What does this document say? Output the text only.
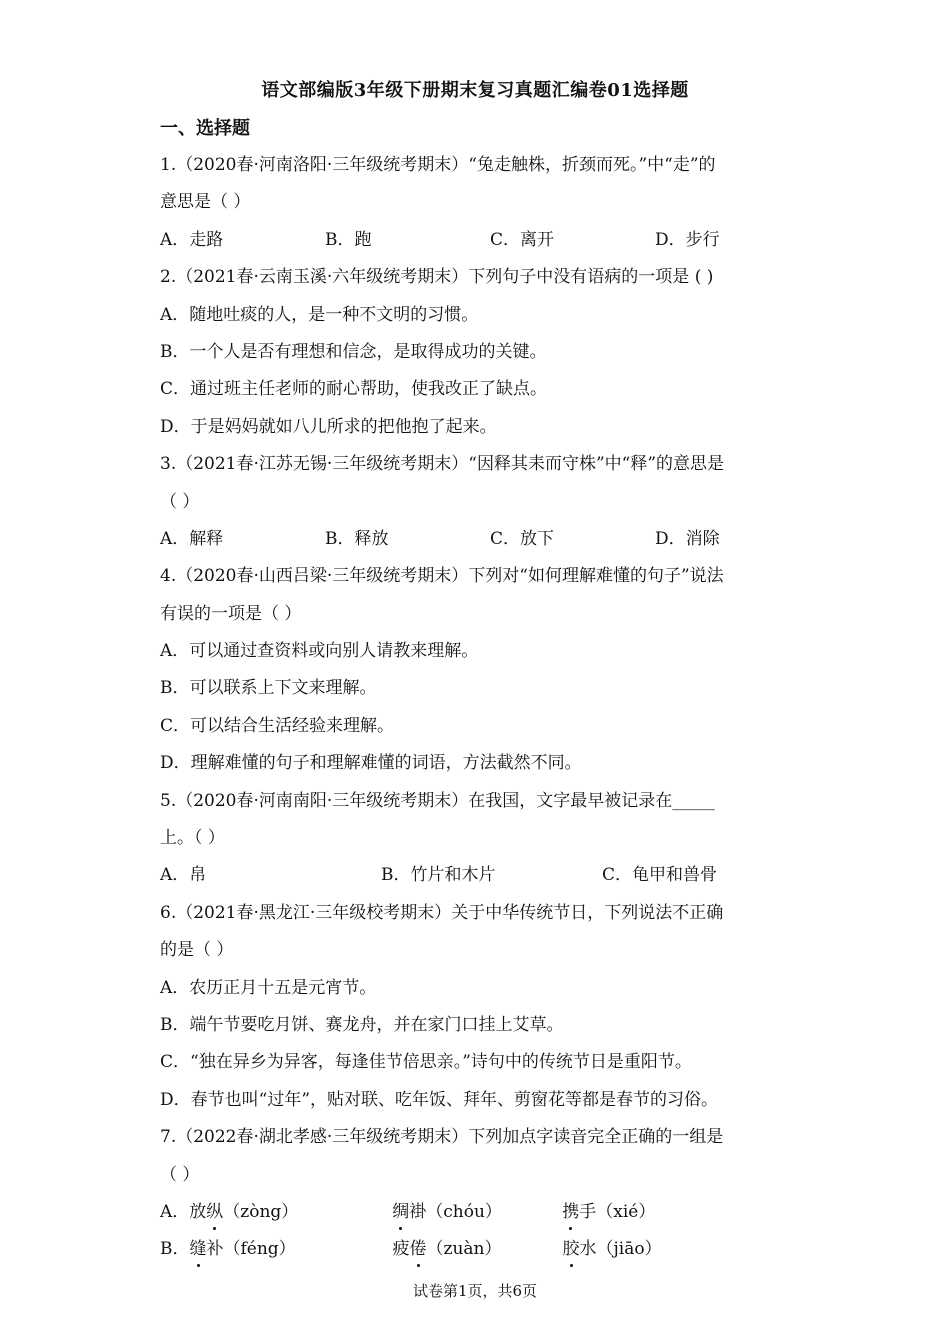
语文部编版3年级下册期末复习真题汇编卷01选择题
一、选择题
1.（2020春·河南洛阳·三年级统考期末）“兔走触株，折颈而死。”中“走”的
意思是（ ）
A．走路	B．跑	C．离开	D．步行
2.（2021春·云南玉溪·六年级统考期末）下列句子中没有语病的一项是 ( )
A．随地吐痰的人，是一种不文明的习惯。
B．一个人是否有理想和信念，是取得成功的关键。
C．通过班主任老师的耐心帮助，使我改正了缺点。
D．于是妈妈就如八儿所求的把他抱了起来。
3.（2021春·江苏无锡·三年级统考期末）“因释其耒而守株”中“释”的意思是
（ ）
A．解释	B．释放	C．放下	D．消除
4.（2020春·山西吕梁·三年级统考期末）下列对“如何理解难懂的句子”说法
有误的一项是（ ）
A．可以通过查资料或向别人请教来理解。
B．可以联系上下文来理解。
C．可以结合生活经验来理解。
D．理解难懂的句子和理解难懂的词语，方法截然不同。
5.（2020春·河南南阳·三年级统考期末）在我国，文字最早被记录在_____
上。（ ）
A．帛	B．竹片和木片	C．龟甲和兽骨
6.（2021春·黑龙江·三年级校考期末）关于中华传统节日，下列说法不正确
的是（ ）
A．农历正月十五是元宵节。
B．端午节要吃月饼、赛龙舟，并在家门口挂上艾草。
C．“独在异乡为异客，每逢佳节倍思亲。”诗句中的传统节日是重阳节。
D．春节也叫“过年”，贴对联、吃年饭、拜年、剪窗花等都是春节的习俗。
7.（2022春·湖北孝感·三年级统考期末）下列加点字读音完全正确的一组是
（ ）
A． 放纵（zòng）	绸褂（chóu）	携手（xié）
B． 缝补（féng）	疲倦（zuàn）	胶水（jiāo）
试卷第1页，共6页
